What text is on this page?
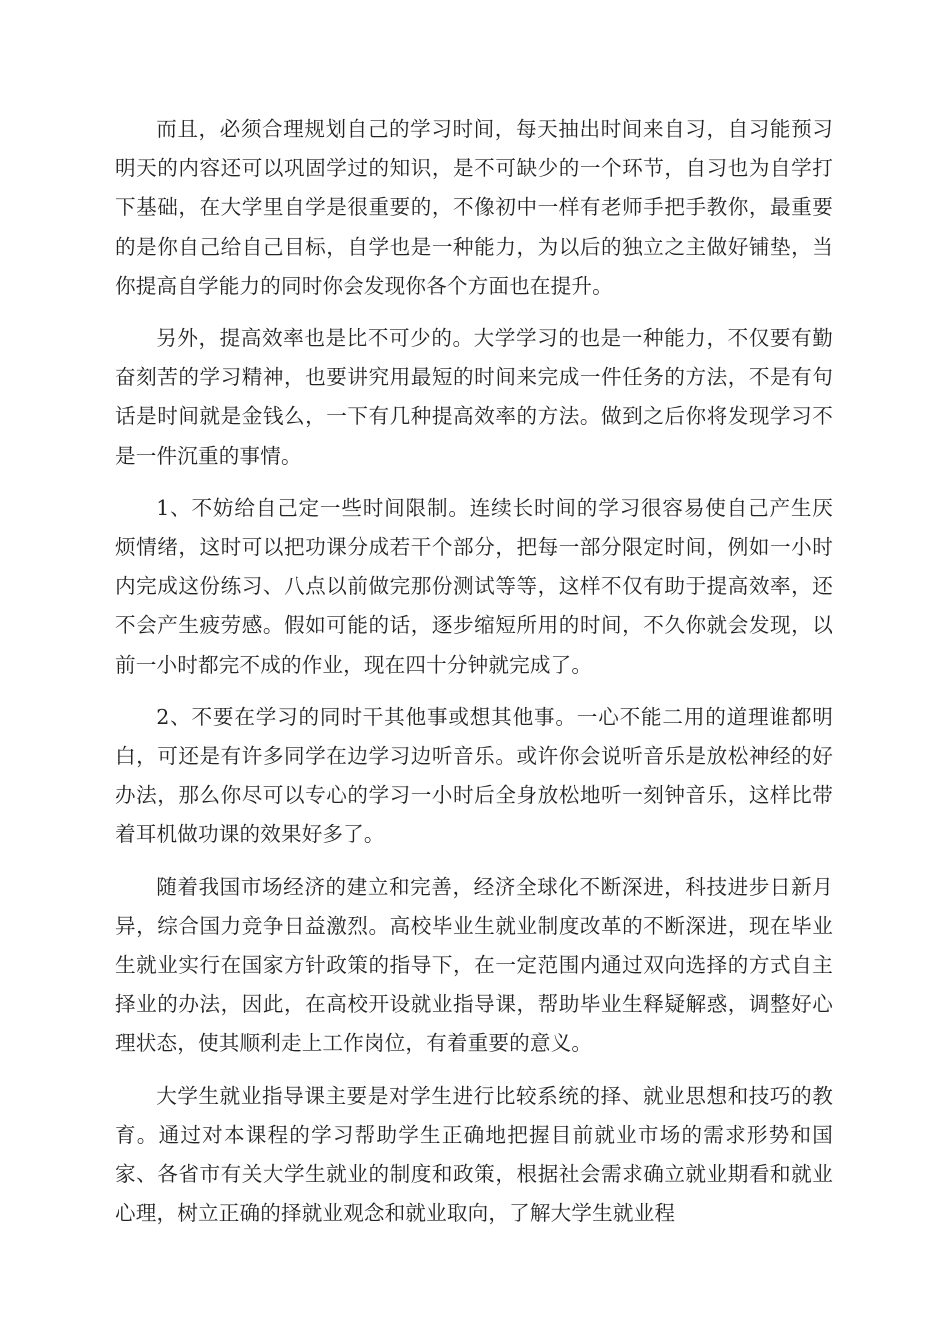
而且，必须合理规划自己的学习时间，每天抽出时间来自习，自习能预习明天的内容还可以巩固学过的知识，是不可缺少的一个环节，自习也为自学打下基础，在大学里自学是很重要的，不像初中一样有老师手把手教你，最重要的是你自己给自己目标，自学也是一种能力，为以后的独立之主做好铺垫，当你提高自学能力的同时你会发现你各个方面也在提升。

另外，提高效率也是比不可少的。大学学习的也是一种能力，不仅要有勤奋刻苦的学习精神，也要讲究用最短的时间来完成一件任务的方法，不是有句话是时间就是金钱么，一下有几种提高效率的方法。做到之后你将发现学习不是一件沉重的事情。

1、不妨给自己定一些时间限制。连续长时间的学习很容易使自己产生厌烦情绪，这时可以把功课分成若干个部分，把每一部分限定时间，例如一小时内完成这份练习、八点以前做完那份测试等等，这样不仅有助于提高效率，还不会产生疲劳感。假如可能的话，逐步缩短所用的时间，不久你就会发现，以前一小时都完不成的作业，现在四十分钟就完成了。

2、不要在学习的同时干其他事或想其他事。一心不能二用的道理谁都明白，可还是有许多同学在边学习边听音乐。或许你会说听音乐是放松神经的好办法，那么你尽可以专心的学习一小时后全身放松地听一刻钟音乐，这样比带着耳机做功课的效果好多了。

随着我国市场经济的建立和完善，经济全球化不断深进，科技进步日新月异，综合国力竞争日益激烈。高校毕业生就业制度改革的不断深进，现在毕业生就业实行在国家方针政策的指导下，在一定范围内通过双向选择的方式自主择业的办法，因此，在高校开设就业指导课，帮助毕业生释疑解惑，调整好心理状态，使其顺利走上工作岗位，有着重要的意义。

大学生就业指导课主要是对学生进行比较系统的择、就业思想和技巧的教育。通过对本课程的学习帮助学生正确地把握目前就业市场的需求形势和国家、各省市有关大学生就业的制度和政策，根据社会需求确立就业期看和就业心理，树立正确的择就业观念和就业取向，了解大学生就业程
